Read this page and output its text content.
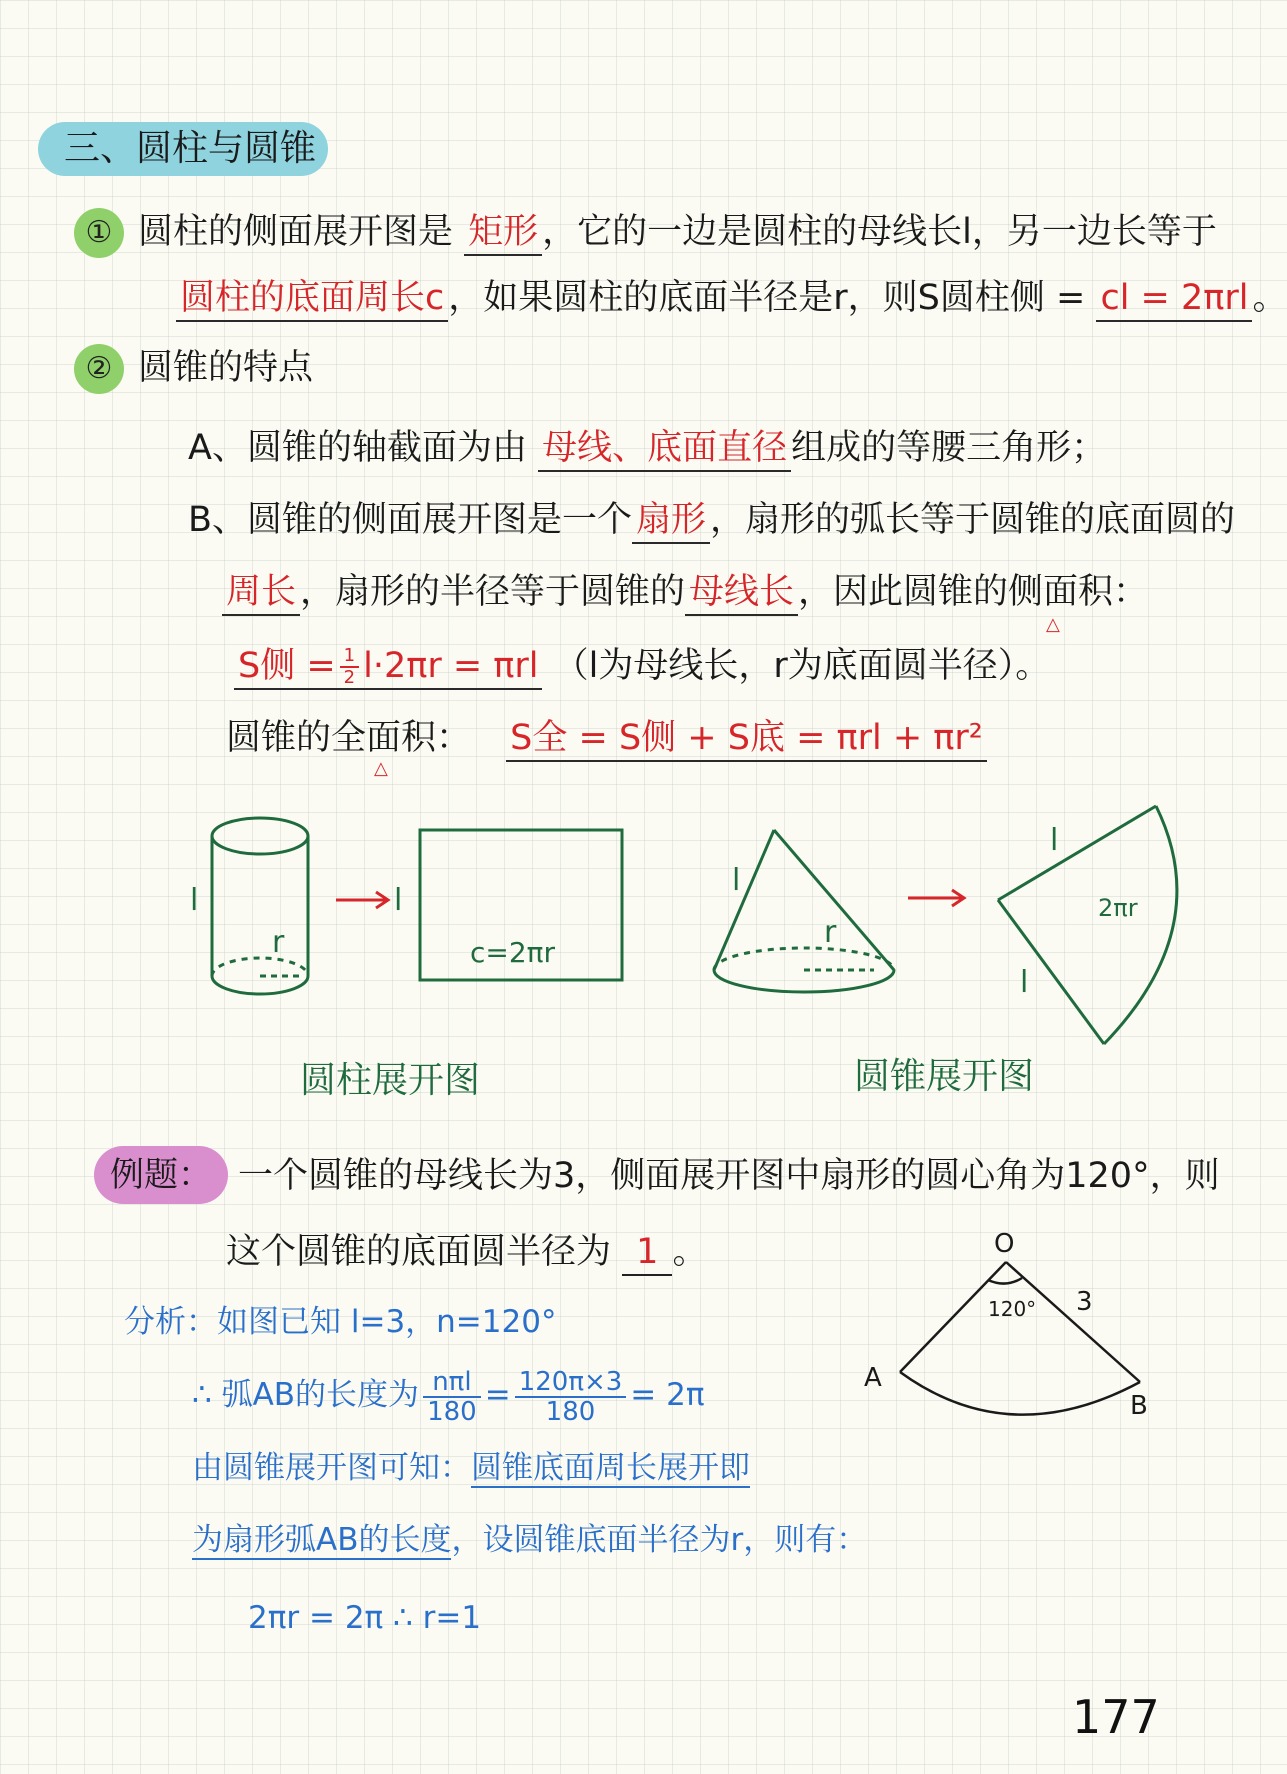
三、圆柱与圆锥
① 圆柱的侧面展开图是 矩形 ，它的一边是圆柱的母线长l，另一边长等于
圆柱的底面周长c ，如果圆柱的底面半径是r，则S圆柱侧 = cl = 2πrl 。
② 圆锥的特点
A、圆锥的轴截面为由 母线、底面直径 组成的等腰三角形；
B、圆锥的侧面展开图是一个 扇形 ，扇形的弧长等于圆锥的底面圆的
周长 ，扇形的半径等于圆锥的 母线长 ，因此圆锥的侧面积：
△
S侧 = $\frac{1}{2} l\cdot 2\pi r = \pi rl$ （l为母线长，r为底面圆半径）。
圆锥的全面积： S全 = S侧 + S底 = πrl + πr²
△
l
r
l
c=2πr
l
r
l
l
2πr
圆柱展开图	圆锥展开图
例题： 一个圆锥的母线长为3，侧面展开图中扇形的圆心角为120°，则
这个圆锥的底面圆半径为 1 。
分析：如图已知 l=3，n=120°
∴ 弧AB的长度为 $\frac{\text{nπl}}{180} = \frac{120\pi\times 3}{180} = 2\pi$
由圆锥展开图可知：圆锥底面周长展开即
为扇形弧AB的长度，设圆锥底面半径为r，则有：
2πr = 2π ∴ r=1
O
A
B
120° 3
177
